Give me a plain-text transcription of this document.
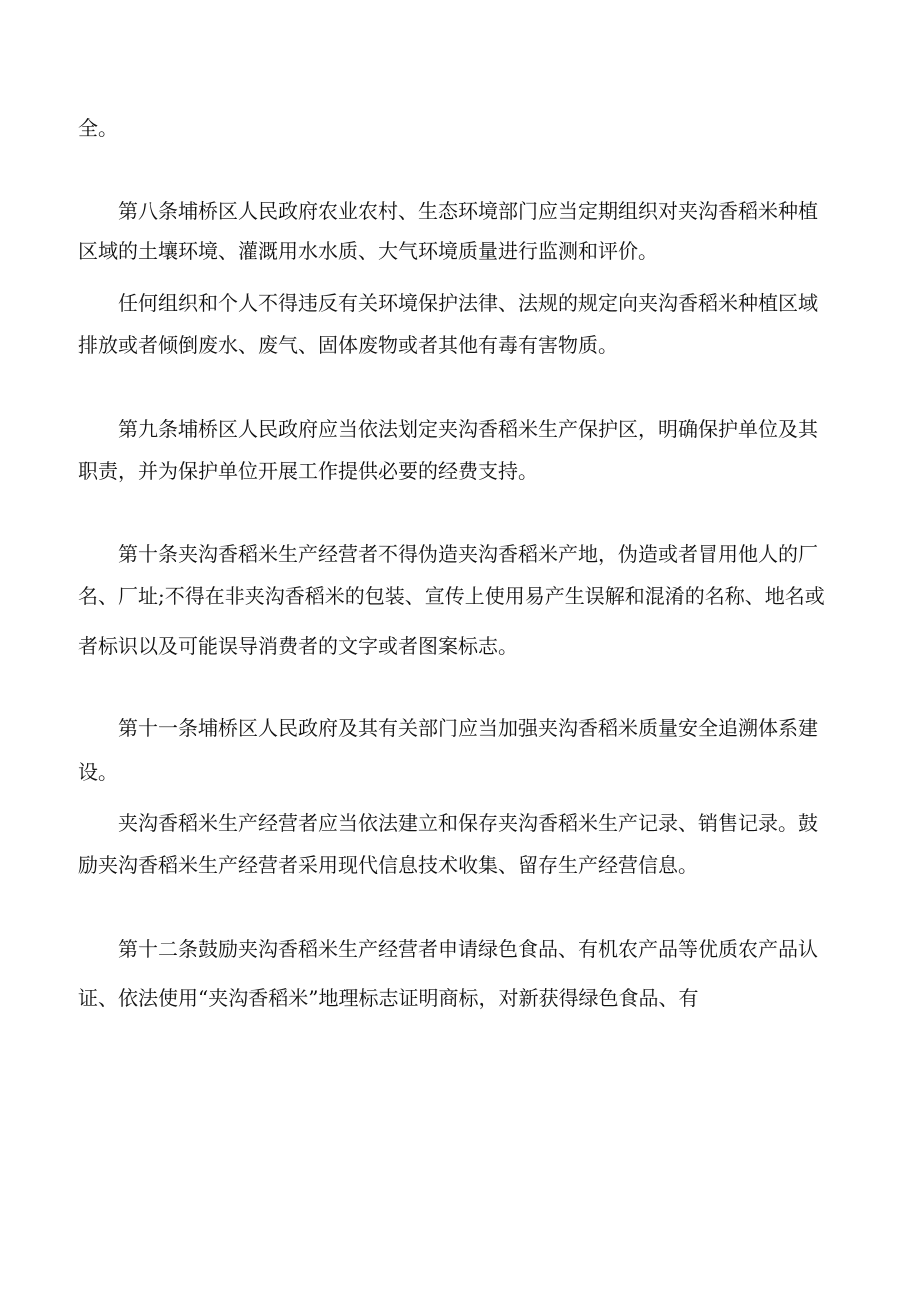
全。
第八条埔桥区人民政府农业农村、生态环境部门应当定期组织对夹沟香稻米种植
区域的土壤环境、灌溉用水水质、大气环境质量进行监测和评价。
任何组织和个人不得违反有关环境保护法律、法规的规定向夹沟香稻米种植区域
排放或者倾倒废水、废气、固体废物或者其他有毒有害物质。
第九条埔桥区人民政府应当依法划定夹沟香稻米生产保护区，明确保护单位及其
职责，并为保护单位开展工作提供必要的经费支持。
第十条夹沟香稻米生产经营者不得伪造夹沟香稻米产地，伪造或者冒用他人的厂
名、厂址;不得在非夹沟香稻米的包装、宣传上使用易产生误解和混淆的名称、地名或
者标识以及可能误导消费者的文字或者图案标志。
第十一条埔桥区人民政府及其有关部门应当加强夹沟香稻米质量安全追溯体系建
设。
夹沟香稻米生产经营者应当依法建立和保存夹沟香稻米生产记录、销售记录。鼓
励夹沟香稻米生产经营者采用现代信息技术收集、留存生产经营信息。
第十二条鼓励夹沟香稻米生产经营者申请绿色食品、有机农产品等优质农产品认
证、依法使用“夹沟香稻米”地理标志证明商标，对新获得绿色食品、有
